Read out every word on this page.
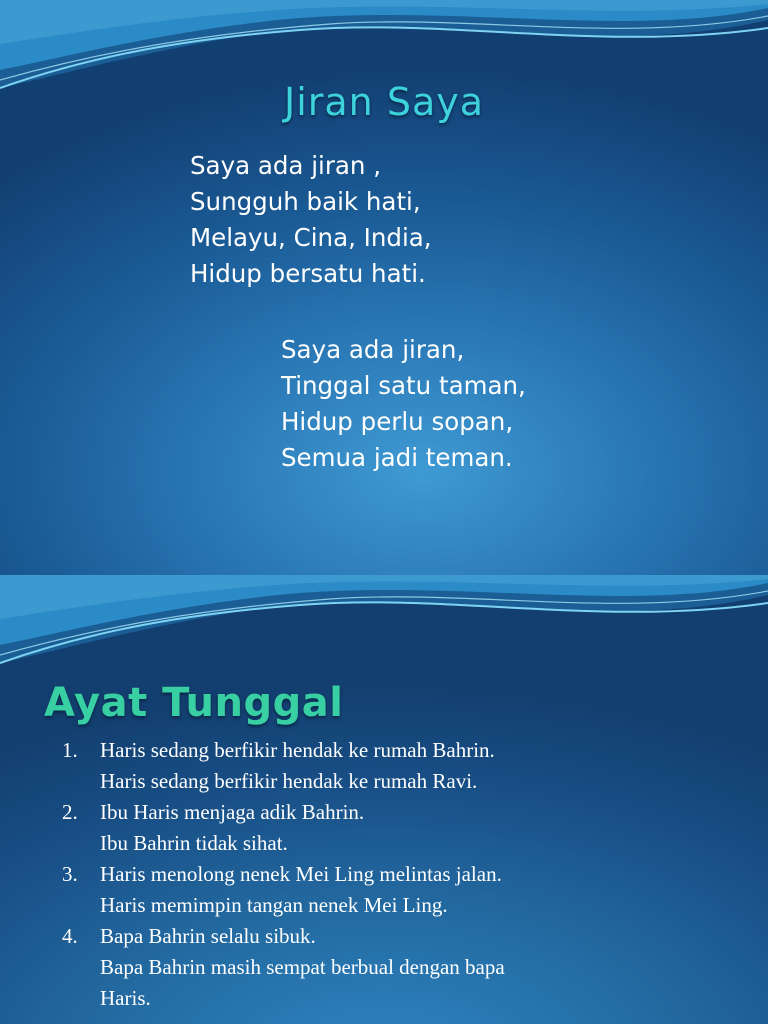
Jiran Saya
Saya ada jiran ,
Sungguh baik hati,
Melayu, Cina, India,
Hidup bersatu hati.
Saya ada jiran,
Tinggal satu taman,
Hidup perlu sopan,
Semua jadi teman.
Ayat Tunggal
1. Haris sedang berfikir hendak ke rumah Bahrin.
Haris sedang berfikir hendak ke rumah Ravi.
2. Ibu Haris menjaga adik Bahrin.
Ibu Bahrin tidak sihat.
3. Haris menolong nenek Mei Ling melintas jalan.
Haris memimpin tangan nenek Mei Ling.
4. Bapa Bahrin selalu sibuk.
Bapa Bahrin masih sempat berbual dengan bapa
Haris.
